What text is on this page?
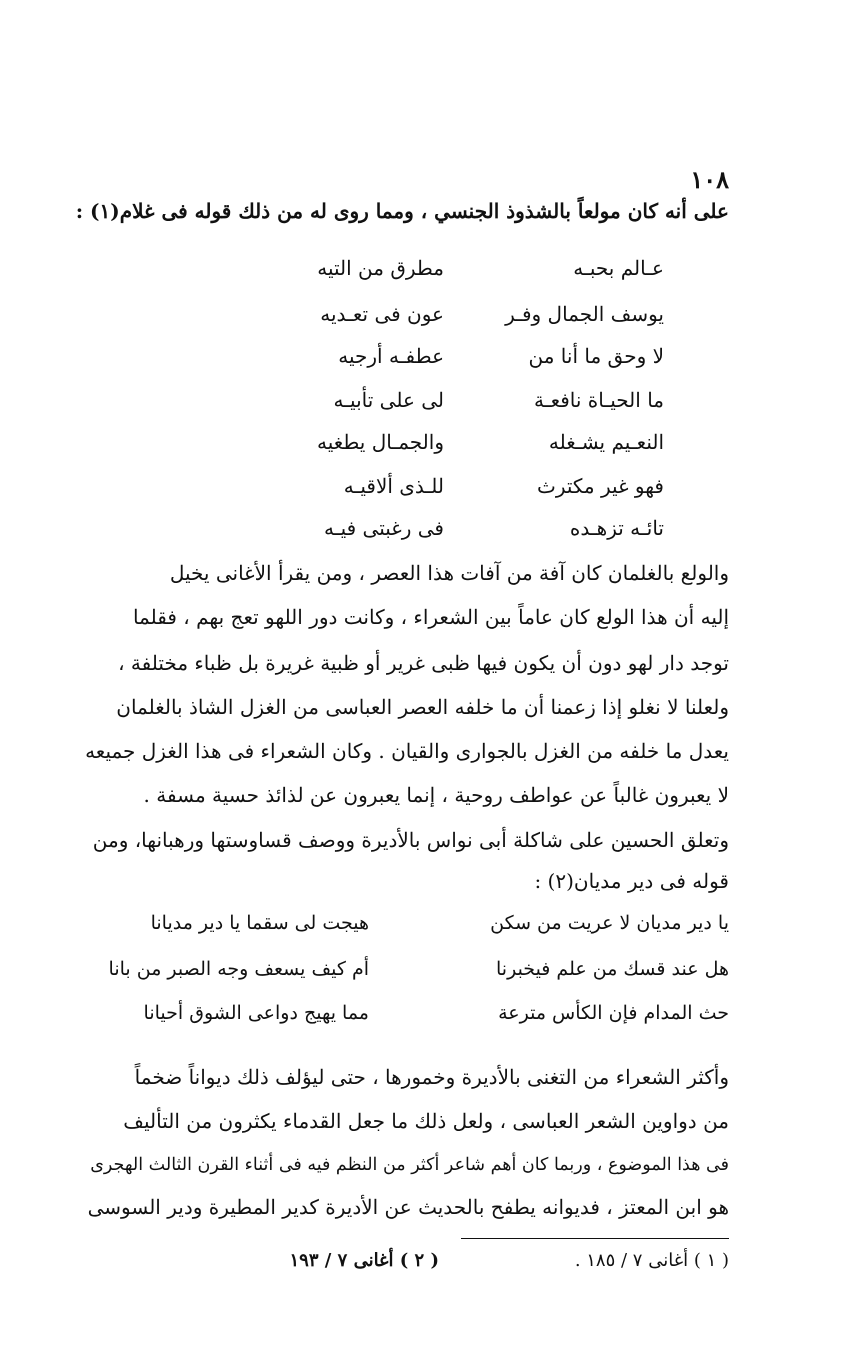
١٠٨
على أنه كان مولعاً بالشذوذ الجنسي ، ومما روى له من ذلك قوله فى غلام(١) :
عـالم بحبـه
مطرق من التيه
يوسف الجمال وفـر
عون فى تعـديه
لا وحق ما أنا من
عطفـه أرجيه
ما الحيـاة نافعـة
لى على تأبيـه
النعـيم يشـغله
والجمـال يطغيه
فهو غير مكترث
للـذى ألاقيـه
تائـه تزهـده
فى رغبتى فيـه
والولع بالغلمان كان آفة من آفات هذا العصر ، ومن يقرأ الأغانى يخيل
إليه أن هذا الولع كان عاماً بين الشعراء ، وكانت دور اللهو تعج بهم ، فقلما
توجد دار لهو دون أن يكون فيها ظبى غرير أو ظبية غريرة بل ظباء مختلفة ،
ولعلنا لا نغلو إذا زعمنا أن ما خلفه العصر العباسى من الغزل الشاذ بالغلمان
يعدل ما خلفه من الغزل بالجوارى والقيان . وكان الشعراء فى هذا الغزل جميعه
لا يعبرون غالباً عن عواطف روحية ، إنما يعبرون عن لذائذ حسية مسفة .
وتعلق الحسين على شاكلة أبى نواس بالأديرة ووصف قساوستها ورهبانها، ومن
قوله فى دير مديان(٢) :
يا دير مديان لا عريت من سكن
هيجت لى سقما يا دير مديانا
هل عند قسك من علم فيخبرنا
أم كيف يسعف وجه الصبر من بانا
حث المدام فإن الكأس مترعة
مما يهيج دواعى الشوق أحيانا
وأكثر الشعراء من التغنى بالأديرة وخمورها ، حتى ليؤلف ذلك ديواناً ضخماً
من دواوين الشعر العباسى ، ولعل ذلك ما جعل القدماء يكثرون من التأليف
فى هذا الموضوع ، وربما كان أهم شاعر أكثر من النظم فيه فى أثناء القرن الثالث الهجرى
هو ابن المعتز ، فديوانه يطفح بالحديث عن الأديرة كدير المطيرة ودير السوسى
( ١ ) أغانى ٧ / ١٨٥ .
( ٢ ) أغانى ٧ / ١٩٣
